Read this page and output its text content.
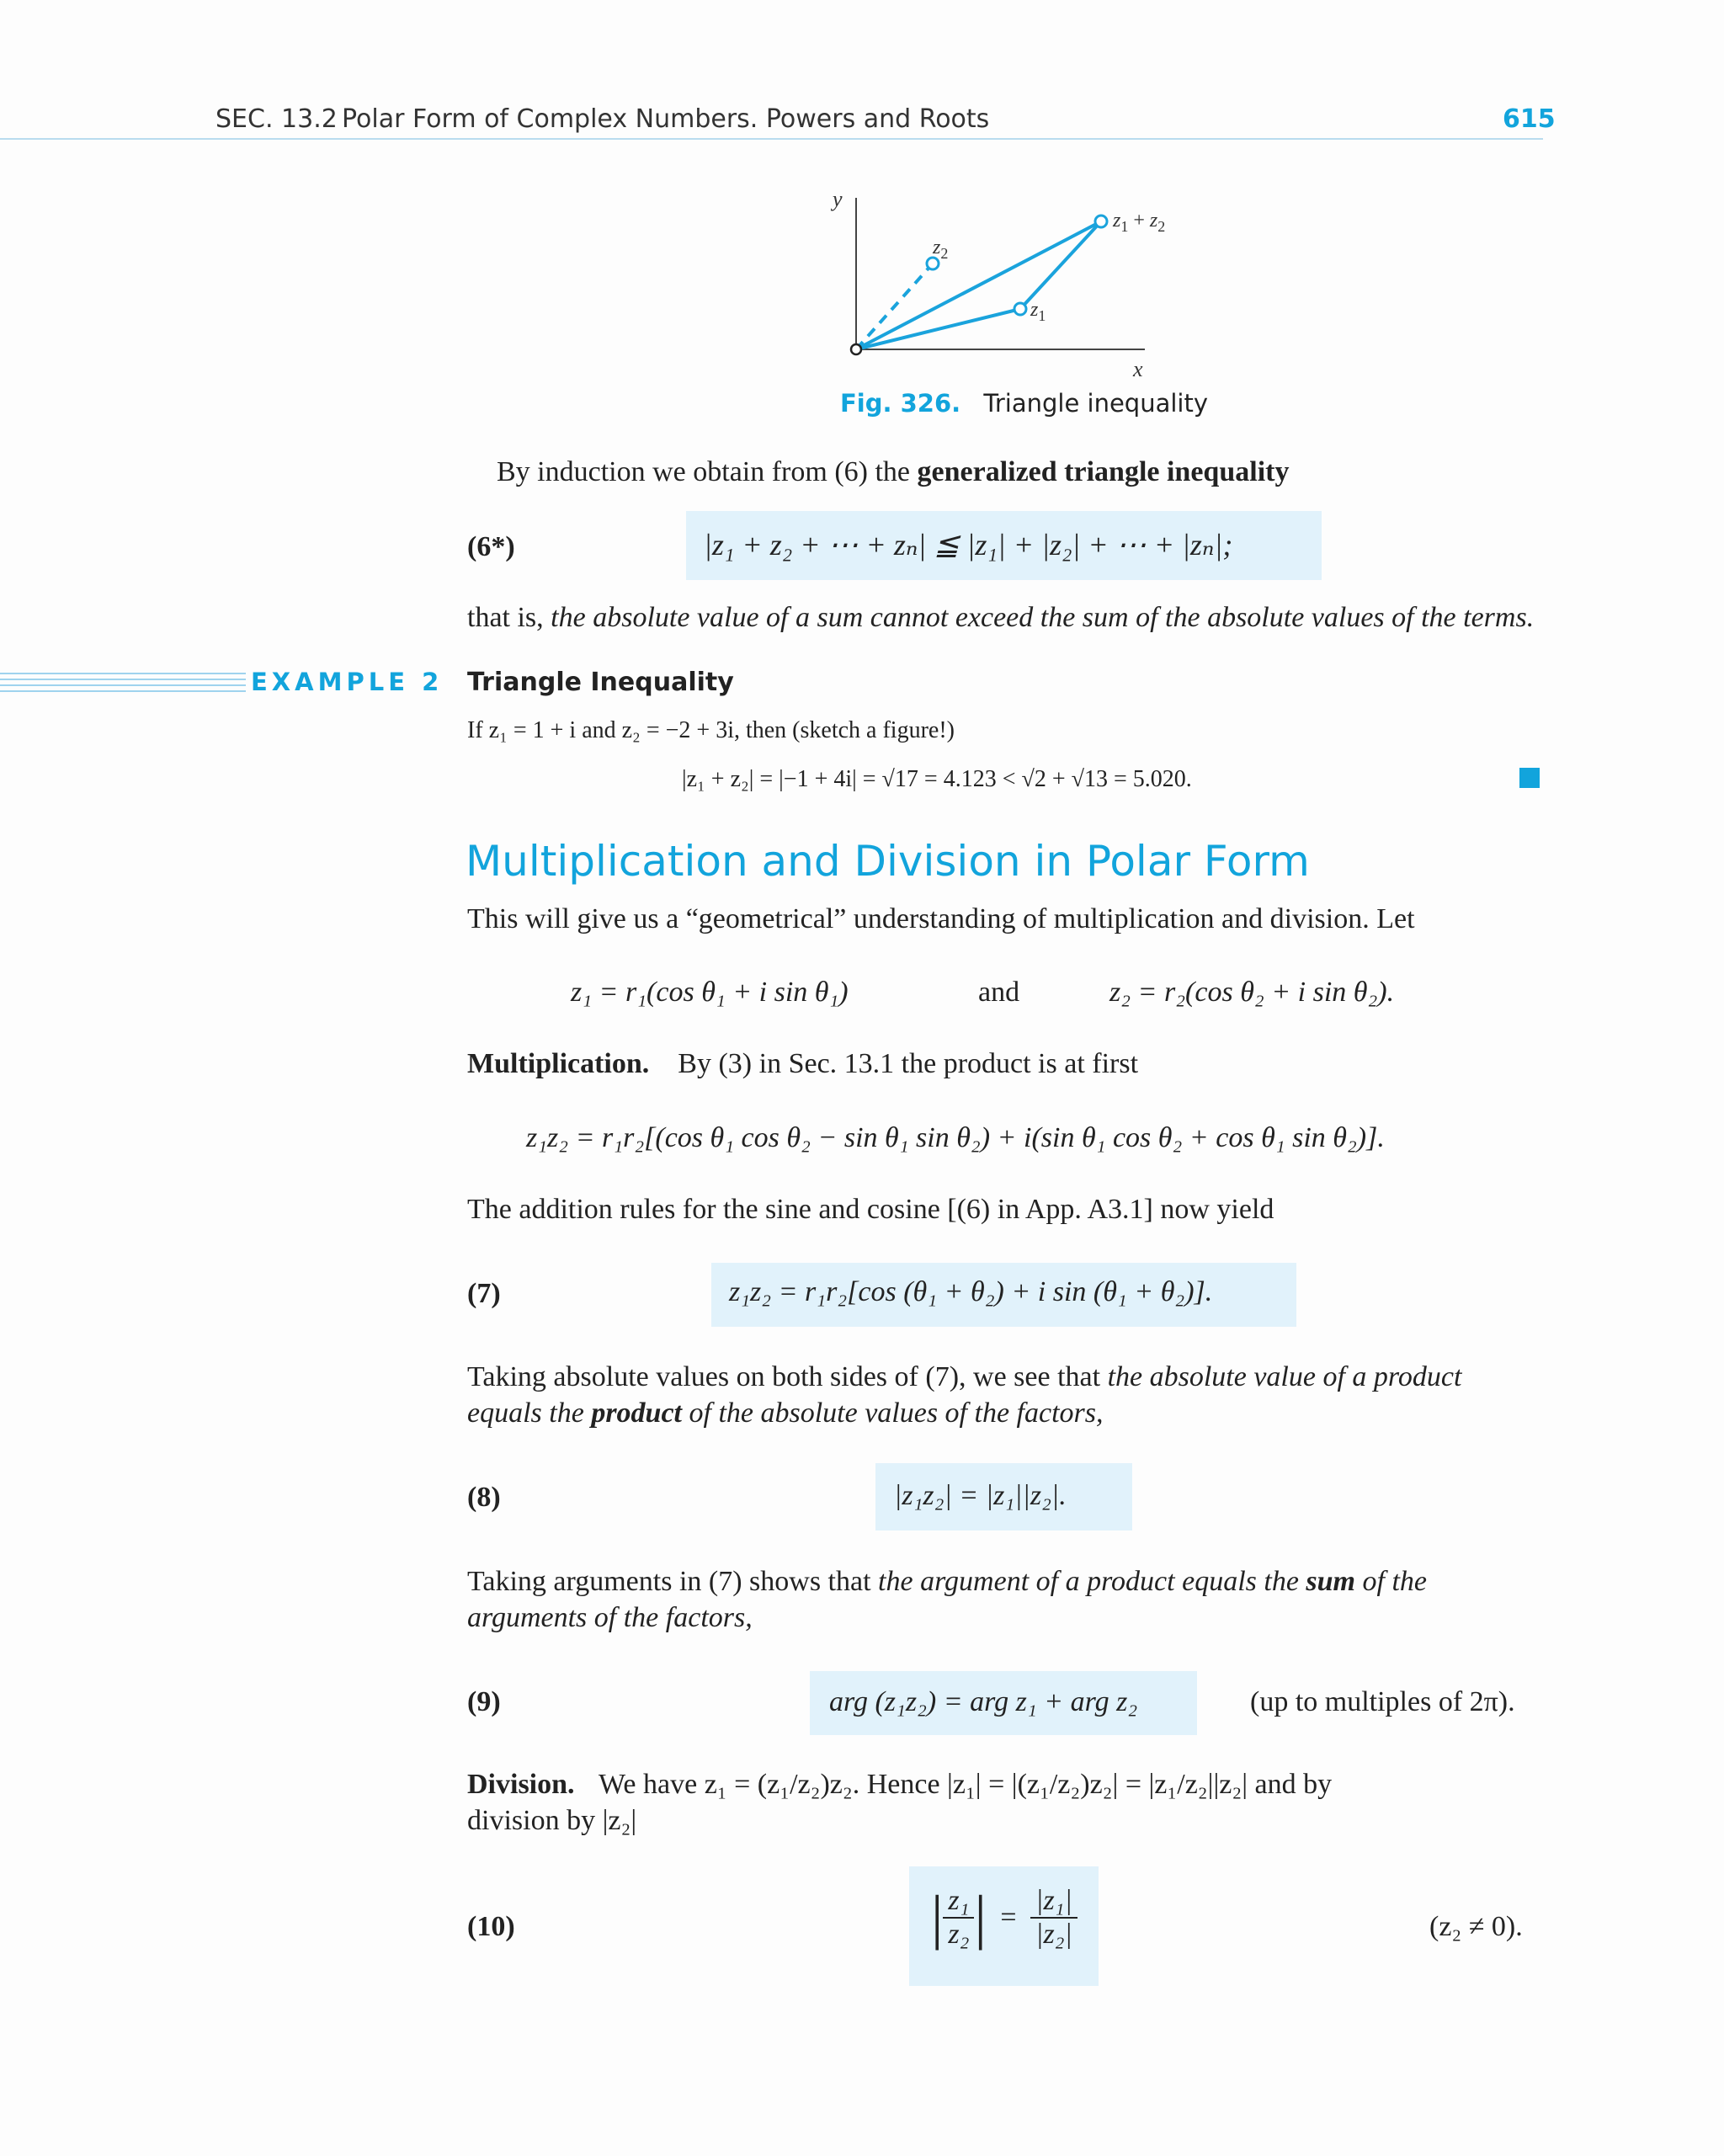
SEC. 13.2 Polar Form of Complex Numbers. Powers and Roots	615
y
x
$z_2$
$z_1$
$z_1 + z_2$
Fig. 326. Triangle inequality
By induction we obtain from (6) the generalized triangle inequality
(6*)	|z₁ + z₂ + ⋯ + zₙ| ≦ |z₁| + |z₂| + ⋯ + |zₙ|;
that is, the absolute value of a sum cannot exceed the sum of the absolute values of the terms.
EXAMPLE 2 Triangle Inequality
If z₁ = 1 + i and z₂ = −2 + 3i, then (sketch a figure!)
|z₁ + z₂| = |−1 + 4i| = √17 = 4.123 < √2 + √13 = 5.020.
Multiplication and Division in Polar Form
This will give us a “geometrical” understanding of multiplication and division. Let
z₁ = r₁(cos θ₁ + i sin θ₁)	and	z₂ = r₂(cos θ₂ + i sin θ₂).
Multiplication. By (3) in Sec. 13.1 the product is at first
z₁z₂ = r₁r₂[(cos θ₁ cos θ₂ − sin θ₁ sin θ₂) + i(sin θ₁ cos θ₂ + cos θ₁ sin θ₂)].
The addition rules for the sine and cosine [(6) in App. A3.1] now yield
(7)	z₁z₂ = r₁r₂[cos (θ₁ + θ₂) + i sin (θ₁ + θ₂)].
Taking absolute values on both sides of (7), we see that the absolute value of a product
equals the product of the absolute values of the factors,
(8)	|z₁z₂| = |z₁||z₂|.
Taking arguments in (7) shows that the argument of a product equals the sum of the
arguments of the factors,
(9)	arg (z₁z₂) = arg z₁ + arg z₂	(up to multiples of 2π).
Division. We have z₁ = (z₁/z₂)z₂. Hence |z₁| = |(z₁/z₂)z₂| = |z₁/z₂||z₂| and by
division by |z₂|
(10)	| $\frac{\text{z₁}}{\text{z₂}}$ | = $\frac{\text{|z₁|}}{\text{|z₂|}}$	(z₂ ≠ 0).
